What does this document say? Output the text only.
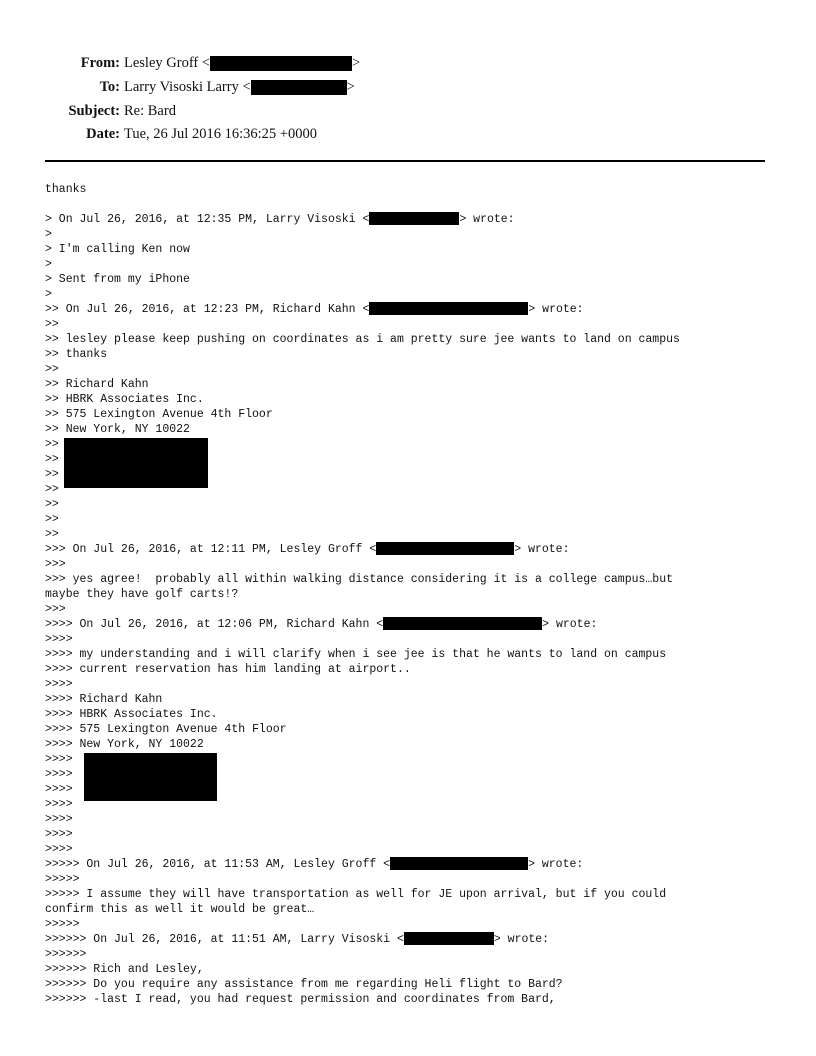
From: Lesley Groff <	>
To: Larry Visoski Larry <	>
Subject: Re: Bard
Date: Tue, 26 Jul 2016 16:36:25 +0000
thanks
> On Jul 26, 2016, at 12:35 PM, Larry Visoski <	> wrote:
>
> I'm calling Ken now
>
> Sent from my iPhone
>
>> On Jul 26, 2016, at 12:23 PM, Richard Kahn <	> wrote:
>>
>> lesley please keep pushing on coordinates as i am pretty sure jee wants to land on campus
>> thanks
>>
>> Richard Kahn
>> HBRK Associates Inc.
>> 575 Lexington Avenue 4th Floor
>> New York, NY 10022
>>
>>
>>
>>
>>
>>
>>
>>> On Jul 26, 2016, at 12:11 PM, Lesley Groff <	> wrote:
>>>
>>> yes agree!  probably all within walking distance considering it is a college campus…but
maybe they have golf carts!?
>>>
>>>> On Jul 26, 2016, at 12:06 PM, Richard Kahn <	> wrote:
>>>>
>>>> my understanding and i will clarify when i see jee is that he wants to land on campus
>>>> current reservation has him landing at airport..
>>>>
>>>> Richard Kahn
>>>> HBRK Associates Inc.
>>>> 575 Lexington Avenue 4th Floor
>>>> New York, NY 10022
>>>>
>>>>
>>>>
>>>>
>>>>
>>>>
>>>>
>>>>> On Jul 26, 2016, at 11:53 AM, Lesley Groff <	> wrote:
>>>>>
>>>>> I assume they will have transportation as well for JE upon arrival, but if you could
confirm this as well it would be great…
>>>>>
>>>>>> On Jul 26, 2016, at 11:51 AM, Larry Visoski <	> wrote:
>>>>>>
>>>>>> Rich and Lesley,
>>>>>> Do you require any assistance from me regarding Heli flight to Bard?
>>>>>> -last I read, you had request permission and coordinates from Bard,
